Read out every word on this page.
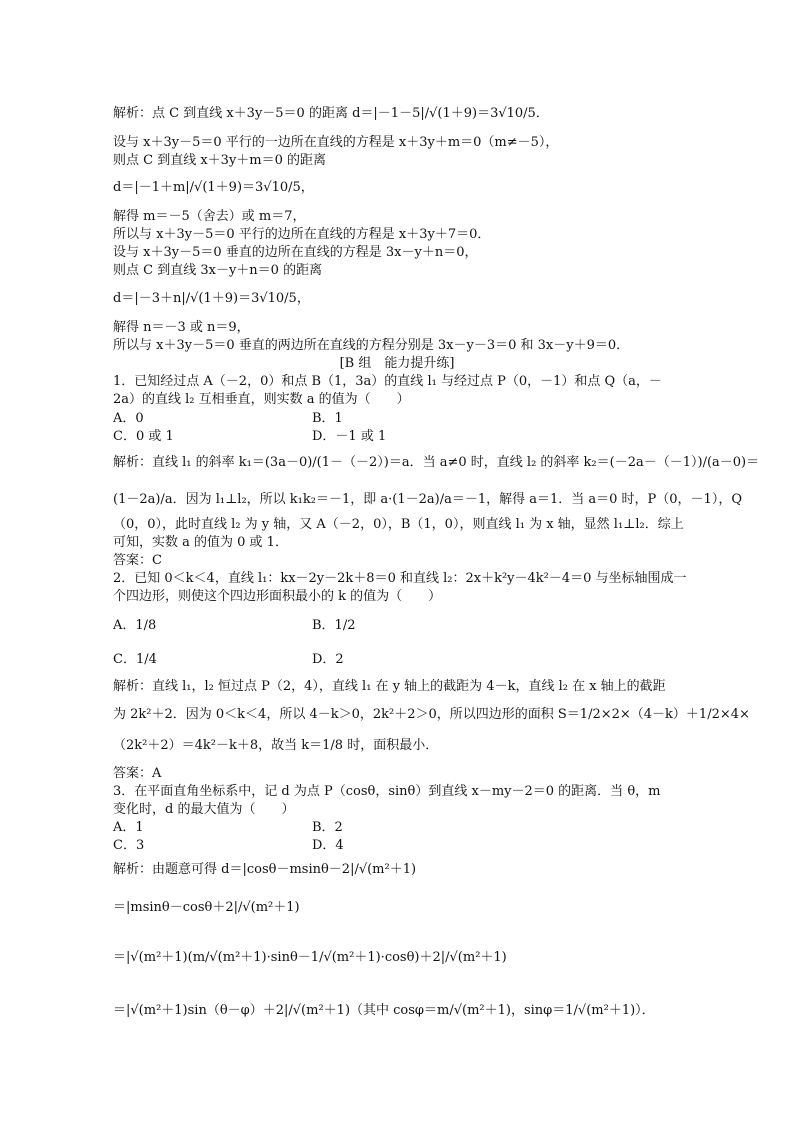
解析：点 C 到直线 x＋3y－5＝0 的距离 d＝|－1－5|/√(1＋9)＝3√10/5．
设与 x＋3y－5＝0 平行的一边所在直线的方程是 x＋3y＋m＝0（m≠－5），
则点 C 到直线 x＋3y＋m＝0 的距离
d＝|－1＋m|/√(1＋9)＝3√10/5，
解得 m＝－5（舍去）或 m＝7，
所以与 x＋3y－5＝0 平行的边所在直线的方程是 x＋3y＋7＝0．
设与 x＋3y－5＝0 垂直的边所在直线的方程是 3x－y＋n＝0，
则点 C 到直线 3x－y＋n＝0 的距离
d＝|－3＋n|/√(1＋9)＝3√10/5，
解得 n＝－3 或 n＝9，
所以与 x＋3y－5＝0 垂直的两边所在直线的方程分别是 3x－y－3＝0 和 3x－y＋9＝0．
[B 组　能力提升练]
1．已知经过点 A（－2，0）和点 B（1，3a）的直线 l₁ 与经过点 P（0，－1）和点 Q（a，－
2a）的直线 l₂ 互相垂直，则实数 a 的值为（　　）
A．0	B．1
C．0 或 1	D．－1 或 1
解析：直线 l₁ 的斜率 k₁＝(3a－0)/(1－（－2）)＝a．当 a≠0 时，直线 l₂ 的斜率 k₂＝(－2a－（－1）)/(a－0)＝
(1－2a)/a．因为 l₁⊥l₂，所以 k₁k₂＝－1，即 a·(1－2a)/a＝－1，解得 a＝1．当 a＝0 时，P（0，－1），Q
（0，0），此时直线 l₂ 为 y 轴，又 A（－2，0），B（1，0），则直线 l₁ 为 x 轴，显然 l₁⊥l₂．综上
可知，实数 a 的值为 0 或 1．
答案：C
2．已知 0＜k＜4，直线 l₁：kx－2y－2k＋8＝0 和直线 l₂：2x＋k²y－4k²－4＝0 与坐标轴围成一
个四边形，则使这个四边形面积最小的 k 的值为（　　）
A．1/8	B．1/2
C．1/4	D．2
解析：直线 l₁，l₂ 恒过点 P（2，4），直线 l₁ 在 y 轴上的截距为 4－k，直线 l₂ 在 x 轴上的截距
为 2k²＋2．因为 0＜k＜4，所以 4－k＞0，2k²＋2＞0，所以四边形的面积 S＝1/2×2×（4－k）＋1/2×4×
（2k²＋2）＝4k²－k＋8，故当 k＝1/8 时，面积最小．
答案：A
3．在平面直角坐标系中，记 d 为点 P（cosθ，sinθ）到直线 x－my－2＝0 的距离．当 θ，m
变化时，d 的最大值为（　　）
A．1	B．2
C．3	D．4
解析：由题意可得 d＝|cosθ－msinθ－2|/√(m²＋1)
＝|msinθ－cosθ＋2|/√(m²＋1)
＝|√(m²＋1)(m/√(m²＋1)·sinθ－1/√(m²＋1)·cosθ)＋2|/√(m²＋1)
＝|√(m²＋1)sin（θ－φ）＋2|/√(m²＋1)（其中 cosφ＝m/√(m²＋1)，sinφ＝1/√(m²＋1)）．
